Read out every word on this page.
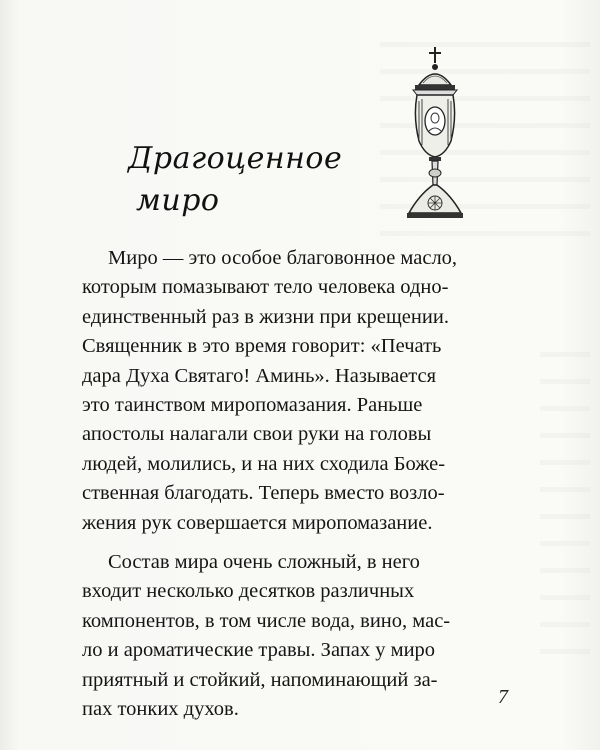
Драгоценное
миро
Миро — это особое благовонное масло,
которым помазывают тело человека одно-
единственный раз в жизни при крещении.
Священник в это время говорит: «Печать
дара Духа Святаго! Аминь». Называется
это таинством миропомазания. Раньше
апостолы налагали свои руки на головы
людей, молились, и на них сходила Боже-
ственная благодать. Теперь вместо возло-
жения рук совершается миропомазание.
Состав мира очень сложный, в него
входит несколько десятков различных
компонентов, в том числе вода, вино, мас-
ло и ароматические травы. Запах у миро
приятный и стойкий, напоминающий за-
пах тонких духов.
7
